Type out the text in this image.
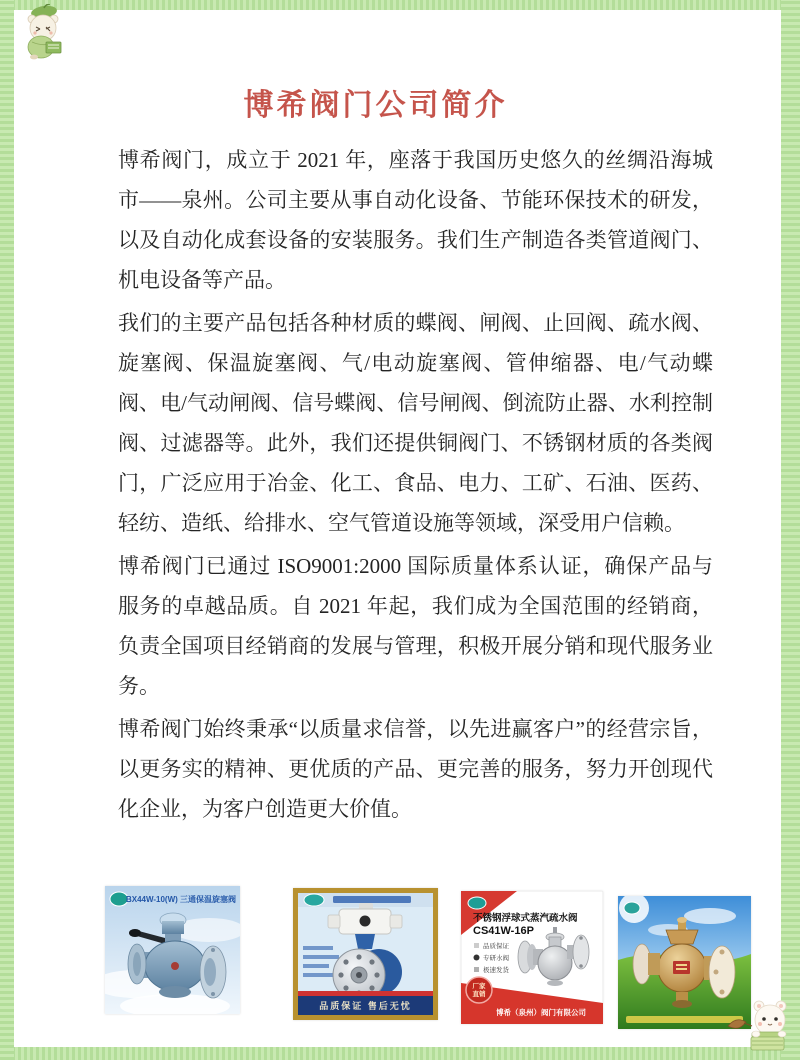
博希阀门公司简介

博希阀门，成立于 2021 年，座落于我国历史悠久的丝绸沿海城市——泉州。公司主要从事自动化设备、节能环保技术的研发，以及自动化成套设备的安装服务。我们生产制造各类管道阀门、机电设备等产品。

我们的主要产品包括各种材质的蝶阀、闸阀、止回阀、疏水阀、旋塞阀、保温旋塞阀、气/电动旋塞阀、管伸缩器、电/气动蝶阀、电/气动闸阀、信号蝶阀、信号闸阀、倒流防止器、水利控制阀、过滤器等。此外，我们还提供铜阀门、不锈钢材质的各类阀门，广泛应用于冶金、化工、食品、电力、工矿、石油、医药、轻纺、造纸、给排水、空气管道设施等领域，深受用户信赖。

博希阀门已通过 ISO9001:2000 国际质量体系认证，确保产品与服务的卓越品质。自 2021 年起，我们成为全国范围的经销商，负责全国项目经销商的发展与管理，积极开展分销和现代服务业务。

博希阀门始终秉承“以质量求信誉，以先进赢客户”的经营宗旨，以更务实的精神、更优质的产品、更完善的服务，努力开创现代化企业，为客户创造更大价值。

BX44W-10(W) 三通保温旋塞阀
品质保证 售后无忧
不锈钢浮球式蒸汽疏水阀
CS41W-16P
品质保证
专研水阀
极速发货
厂家
直销
博希（泉州）阀门有限公司
